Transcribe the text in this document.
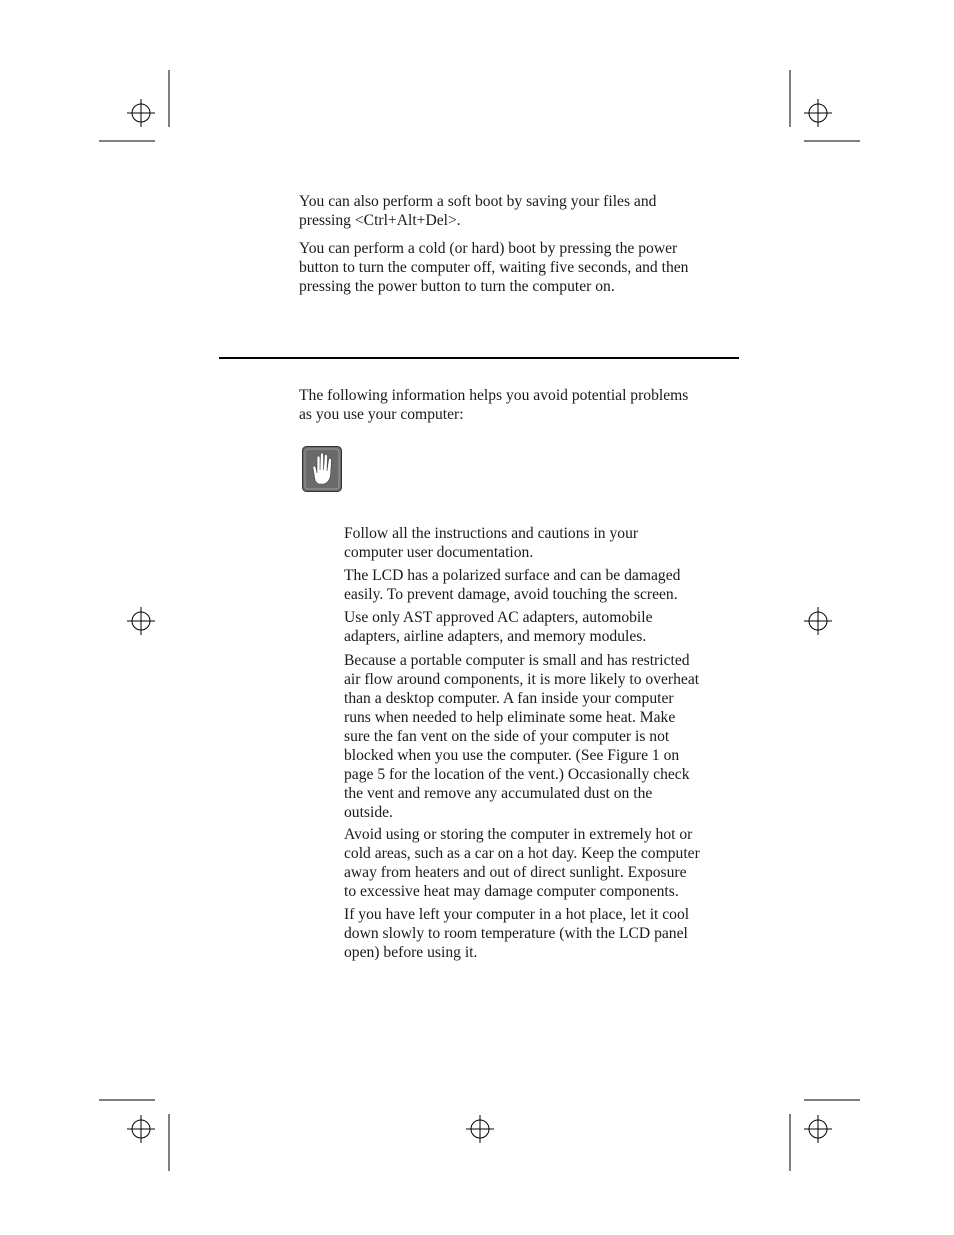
You can also perform a soft boot by saving your files and
pressing <Ctrl+Alt+Del>.

You can perform a cold (or hard) boot by pressing the power
button to turn the computer off, waiting five seconds, and then
pressing the power button to turn the computer on.

The following information helps you avoid potential problems
as you use your computer:

Follow all the instructions and cautions in your
computer user documentation.

The LCD has a polarized surface and can be damaged
easily. To prevent damage, avoid touching the screen.

Use only AST approved AC adapters, automobile
adapters, airline adapters, and memory modules.

Because a portable computer is small and has restricted
air flow around components, it is more likely to overheat
than a desktop computer. A fan inside your computer
runs when needed to help eliminate some heat. Make
sure the fan vent on the side of your computer is not
blocked when you use the computer. (See Figure 1 on
page 5 for the location of the vent.) Occasionally check
the vent and remove any accumulated dust on the
outside.

Avoid using or storing the computer in extremely hot or
cold areas, such as a car on a hot day. Keep the computer
away from heaters and out of direct sunlight. Exposure
to excessive heat may damage computer components.

If you have left your computer in a hot place, let it cool
down slowly to room temperature (with the LCD panel
open) before using it.
